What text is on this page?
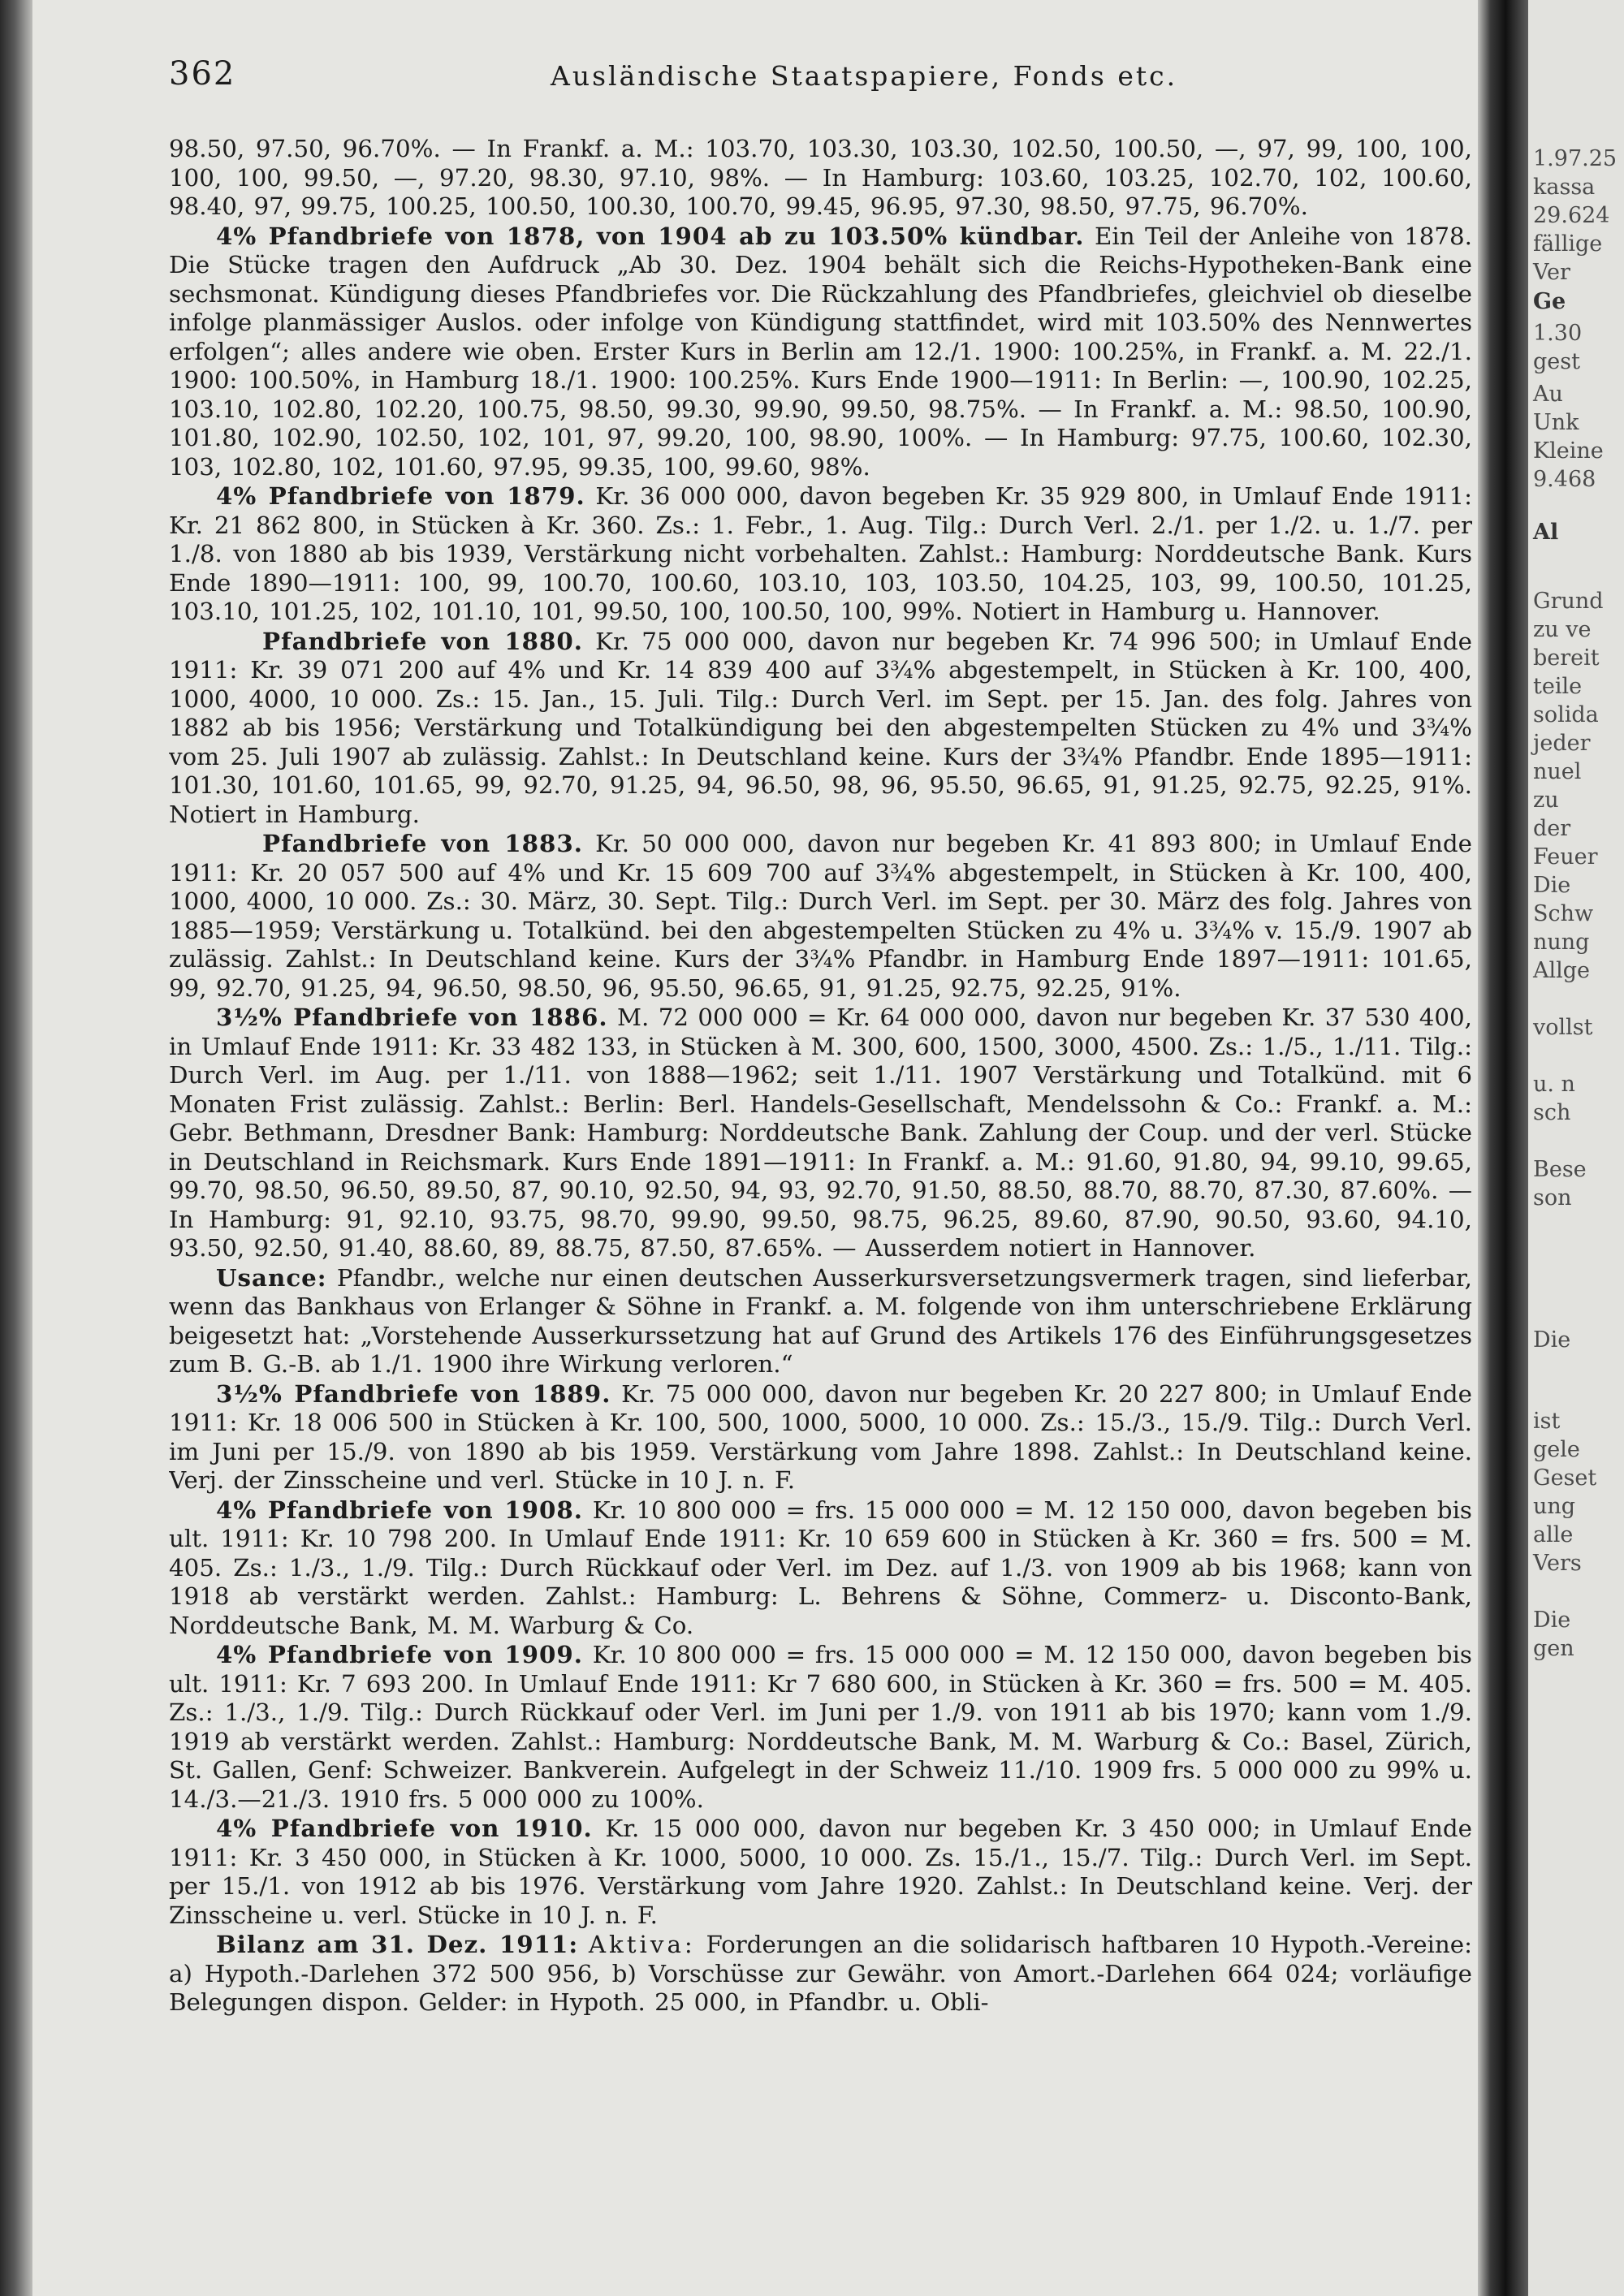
362	Ausländische Staatspapiere, Fonds etc.

98.50, 97.50, 96.70%. — In Frankf. a. M.: 103.70, 103.30, 103.30, 102.50, 100.50, —, 97, 99, 100, 100, 100, 100, 99.50, —, 97.20, 98.30, 97.10, 98%. — In Hamburg: 103.60, 103.25, 102.70, 102, 100.60, 98.40, 97, 99.75, 100.25, 100.50, 100.30, 100.70, 99.45, 96.95, 97.30, 98.50, 97.75, 96.70%.

4% Pfandbriefe von 1878, von 1904 ab zu 103.50% kündbar. Ein Teil der Anleihe von 1878. Die Stücke tragen den Aufdruck „Ab 30. Dez. 1904 behält sich die Reichs-Hypotheken-Bank eine sechsmonat. Kündigung dieses Pfandbriefes vor. Die Rückzahlung des Pfandbriefes, gleichviel ob dieselbe infolge planmässiger Auslos. oder infolge von Kündigung stattfindet, wird mit 103.50% des Nennwertes erfolgen“; alles andere wie oben. Erster Kurs in Berlin am 12./1. 1900: 100.25%, in Frankf. a. M. 22./1. 1900: 100.50%, in Hamburg 18./1. 1900: 100.25%. Kurs Ende 1900—1911: In Berlin: —, 100.90, 102.25, 103.10, 102.80, 102.20, 100.75, 98.50, 99.30, 99.90, 99.50, 98.75%. — In Frankf. a. M.: 98.50, 100.90, 101.80, 102.90, 102.50, 102, 101, 97, 99.20, 100, 98.90, 100%. — In Hamburg: 97.75, 100.60, 102.30, 103, 102.80, 102, 101.60, 97.95, 99.35, 100, 99.60, 98%.

4% Pfandbriefe von 1879. Kr. 36 000 000, davon begeben Kr. 35 929 800, in Umlauf Ende 1911: Kr. 21 862 800, in Stücken à Kr. 360. Zs.: 1. Febr., 1. Aug. Tilg.: Durch Verl. 2./1. per 1./2. u. 1./7. per 1./8. von 1880 ab bis 1939, Verstärkung nicht vorbehalten. Zahlst.: Hamburg: Norddeutsche Bank. Kurs Ende 1890—1911: 100, 99, 100.70, 100.60, 103.10, 103, 103.50, 104.25, 103, 99, 100.50, 101.25, 103.10, 101.25, 102, 101.10, 101, 99.50, 100, 100.50, 100, 99%. Notiert in Hamburg u. Hannover.

Pfandbriefe von 1880. Kr. 75 000 000, davon nur begeben Kr. 74 996 500; in Umlauf Ende 1911: Kr. 39 071 200 auf 4% und Kr. 14 839 400 auf 3¾% abgestempelt, in Stücken à Kr. 100, 400, 1000, 4000, 10 000. Zs.: 15. Jan., 15. Juli. Tilg.: Durch Verl. im Sept. per 15. Jan. des folg. Jahres von 1882 ab bis 1956; Verstärkung und Totalkündigung bei den abgestempelten Stücken zu 4% und 3¾% vom 25. Juli 1907 ab zulässig. Zahlst.: In Deutschland keine. Kurs der 3¾% Pfandbr. Ende 1895—1911: 101.30, 101.60, 101.65, 99, 92.70, 91.25, 94, 96.50, 98, 96, 95.50, 96.65, 91, 91.25, 92.75, 92.25, 91%. Notiert in Hamburg.

Pfandbriefe von 1883. Kr. 50 000 000, davon nur begeben Kr. 41 893 800; in Umlauf Ende 1911: Kr. 20 057 500 auf 4% und Kr. 15 609 700 auf 3¾% abgestempelt, in Stücken à Kr. 100, 400, 1000, 4000, 10 000. Zs.: 30. März, 30. Sept. Tilg.: Durch Verl. im Sept. per 30. März des folg. Jahres von 1885—1959; Verstärkung u. Totalkünd. bei den abgestempelten Stücken zu 4% u. 3¾% v. 15./9. 1907 ab zulässig. Zahlst.: In Deutschland keine. Kurs der 3¾% Pfandbr. in Hamburg Ende 1897—1911: 101.65, 99, 92.70, 91.25, 94, 96.50, 98.50, 96, 95.50, 96.65, 91, 91.25, 92.75, 92.25, 91%.

3½% Pfandbriefe von 1886. M. 72 000 000 = Kr. 64 000 000, davon nur begeben Kr. 37 530 400, in Umlauf Ende 1911: Kr. 33 482 133, in Stücken à M. 300, 600, 1500, 3000, 4500. Zs.: 1./5., 1./11. Tilg.: Durch Verl. im Aug. per 1./11. von 1888—1962; seit 1./11. 1907 Verstärkung und Totalkünd. mit 6 Monaten Frist zulässig. Zahlst.: Berlin: Berl. Handels-Gesellschaft, Mendelssohn & Co.: Frankf. a. M.: Gebr. Bethmann, Dresdner Bank: Hamburg: Norddeutsche Bank. Zahlung der Coup. und der verl. Stücke in Deutschland in Reichsmark. Kurs Ende 1891—1911: In Frankf. a. M.: 91.60, 91.80, 94, 99.10, 99.65, 99.70, 98.50, 96.50, 89.50, 87, 90.10, 92.50, 94, 93, 92.70, 91.50, 88.50, 88.70, 88.70, 87.30, 87.60%. — In Hamburg: 91, 92.10, 93.75, 98.70, 99.90, 99.50, 98.75, 96.25, 89.60, 87.90, 90.50, 93.60, 94.10, 93.50, 92.50, 91.40, 88.60, 89, 88.75, 87.50, 87.65%. — Ausserdem notiert in Hannover.

Usance: Pfandbr., welche nur einen deutschen Ausserkursversetzungsvermerk tragen, sind lieferbar, wenn das Bankhaus von Erlanger & Söhne in Frankf. a. M. folgende von ihm unterschriebene Erklärung beigesetzt hat: „Vorstehende Ausserkurssetzung hat auf Grund des Artikels 176 des Einführungsgesetzes zum B. G.-B. ab 1./1. 1900 ihre Wirkung verloren.“

3½% Pfandbriefe von 1889. Kr. 75 000 000, davon nur begeben Kr. 20 227 800; in Umlauf Ende 1911: Kr. 18 006 500 in Stücken à Kr. 100, 500, 1000, 5000, 10 000. Zs.: 15./3., 15./9. Tilg.: Durch Verl. im Juni per 15./9. von 1890 ab bis 1959. Verstärkung vom Jahre 1898. Zahlst.: In Deutschland keine. Verj. der Zinsscheine und verl. Stücke in 10 J. n. F.

4% Pfandbriefe von 1908. Kr. 10 800 000 = frs. 15 000 000 = M. 12 150 000, davon begeben bis ult. 1911: Kr. 10 798 200. In Umlauf Ende 1911: Kr. 10 659 600 in Stücken à Kr. 360 = frs. 500 = M. 405. Zs.: 1./3., 1./9. Tilg.: Durch Rückkauf oder Verl. im Dez. auf 1./3. von 1909 ab bis 1968; kann von 1918 ab verstärkt werden. Zahlst.: Hamburg: L. Behrens & Söhne, Commerz- u. Disconto-Bank, Norddeutsche Bank, M. M. Warburg & Co.

4% Pfandbriefe von 1909. Kr. 10 800 000 = frs. 15 000 000 = M. 12 150 000, davon begeben bis ult. 1911: Kr. 7 693 200. In Umlauf Ende 1911: Kr 7 680 600, in Stücken à Kr. 360 = frs. 500 = M. 405. Zs.: 1./3., 1./9. Tilg.: Durch Rückkauf oder Verl. im Juni per 1./9. von 1911 ab bis 1970; kann vom 1./9. 1919 ab verstärkt werden. Zahlst.: Hamburg: Norddeutsche Bank, M. M. Warburg & Co.: Basel, Zürich, St. Gallen, Genf: Schweizer. Bankverein. Aufgelegt in der Schweiz 11./10. 1909 frs. 5 000 000 zu 99% u. 14./3.—21./3. 1910 frs. 5 000 000 zu 100%.

4% Pfandbriefe von 1910. Kr. 15 000 000, davon nur begeben Kr. 3 450 000; in Umlauf Ende 1911: Kr. 3 450 000, in Stücken à Kr. 1000, 5000, 10 000. Zs. 15./1., 15./7. Tilg.: Durch Verl. im Sept. per 15./1. von 1912 ab bis 1976. Verstärkung vom Jahre 1920. Zahlst.: In Deutschland keine. Verj. der Zinsscheine u. verl. Stücke in 10 J. n. F.

Bilanz am 31. Dez. 1911: Aktiva: Forderungen an die solidarisch haftbaren 10 Hypoth.-Vereine: a) Hypoth.-Darlehen 372 500 956, b) Vorschüsse zur Gewähr. von Amort.-Darlehen 664 024; vorläufige Belegungen dispon. Gelder: in Hypoth. 25 000, in Pfandbr. u. Obli-

1.97.25
kassa
29.624
fällige
Ver
Ge
1.30
gest
Au
Unk
Kleine
9.468
Al
Grund
zu ve
bereit
teile
solida
jeder
nuel
zu
der
Feuer
Die
Schw
nung
Allge
vollst
u. n
sch
Bese
son
Die
ist
gele
Geset
ung
alle
Vers
Die
gen
